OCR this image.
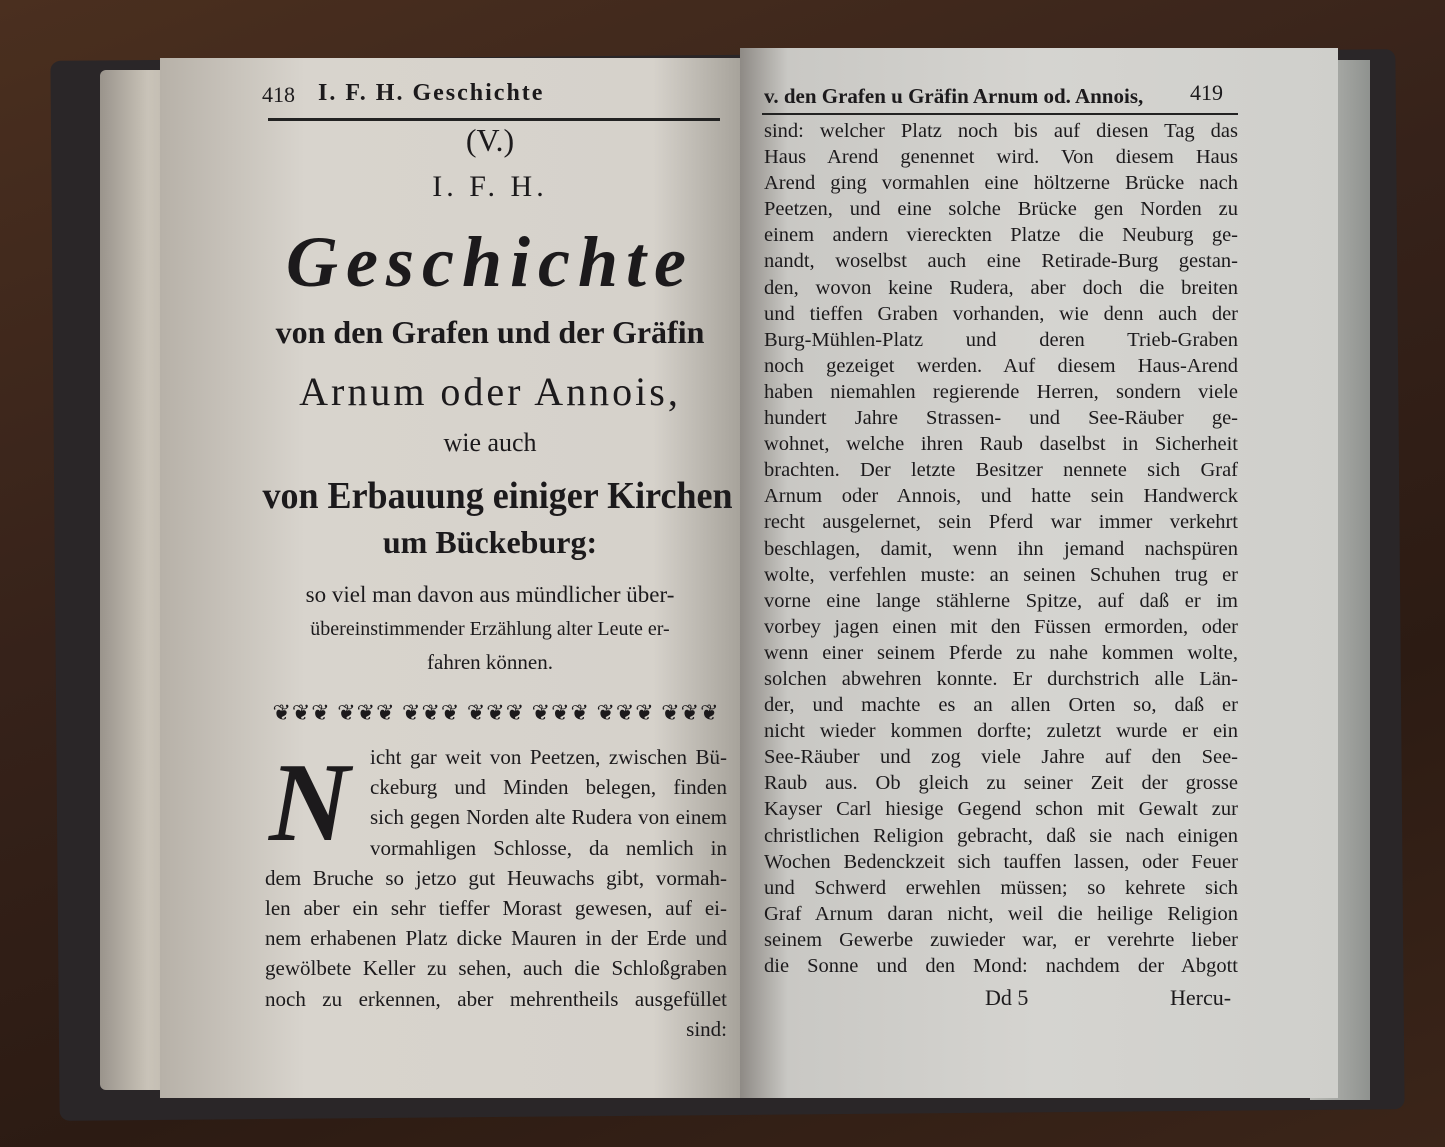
418 I. F. H. Geschichte
(V.)
I. F. H.
Geschichte
von den Grafen und der Gräfin
Arnum oder Annois,
wie auch
von Erbauung einiger Kirchen
um Bückeburg:
so viel man davon aus mündlicher über-
übereinstimmender Erzählung alter Leute er-
fahren können.
❦❦❦ ❦❦❦ ❦❦❦ ❦❦❦ ❦❦❦ ❦❦❦ ❦❦❦
N icht gar weit von Peetzen, zwischen Bü-
ckeburg und Minden belegen, finden
sich gegen Norden alte Rudera von einem
vormahligen Schlosse, da nemlich in
dem Bruche so jetzo gut Heuwachs gibt, vormah-
len aber ein sehr tieffer Morast gewesen, auf ei-
nem erhabenen Platz dicke Mauren in der Erde und
gewölbete Keller zu sehen, auch die Schloßgraben
noch zu erkennen, aber mehrentheils ausgefüllet
sind:
v. den Grafen u Gräfin Arnum od. Annois, 419
sind: welcher Platz noch bis auf diesen Tag das
Haus Arend genennet wird. Von diesem Haus
Arend ging vormahlen eine höltzerne Brücke nach
Peetzen, und eine solche Brücke gen Norden zu
einem andern viereckten Platze die Neuburg ge-
nandt, woselbst auch eine Retirade-Burg gestan-
den, wovon keine Rudera, aber doch die breiten
und tieffen Graben vorhanden, wie denn auch der
Burg-Mühlen-Platz und deren Trieb-Graben
noch gezeiget werden. Auf diesem Haus-Arend
haben niemahlen regierende Herren, sondern viele
hundert Jahre Strassen- und See-Räuber ge-
wohnet, welche ihren Raub daselbst in Sicherheit
brachten. Der letzte Besitzer nennete sich Graf
Arnum oder Annois, und hatte sein Handwerck
recht ausgelernet, sein Pferd war immer verkehrt
beschlagen, damit, wenn ihn jemand nachspüren
wolte, verfehlen muste: an seinen Schuhen trug er
vorne eine lange stählerne Spitze, auf daß er im
vorbey jagen einen mit den Füssen ermorden, oder
wenn einer seinem Pferde zu nahe kommen wolte,
solchen abwehren konnte. Er durchstrich alle Län-
der, und machte es an allen Orten so, daß er
nicht wieder kommen dorfte; zuletzt wurde er ein
See-Räuber und zog viele Jahre auf den See-
Raub aus. Ob gleich zu seiner Zeit der grosse
Kayser Carl hiesige Gegend schon mit Gewalt zur
christlichen Religion gebracht, daß sie nach einigen
Wochen Bedenckzeit sich tauffen lassen, oder Feuer
und Schwerd erwehlen müssen; so kehrete sich
Graf Arnum daran nicht, weil die heilige Religion
seinem Gewerbe zuwieder war, er verehrte lieber
die Sonne und den Mond: nachdem der Abgott
Dd 5	Hercu-
